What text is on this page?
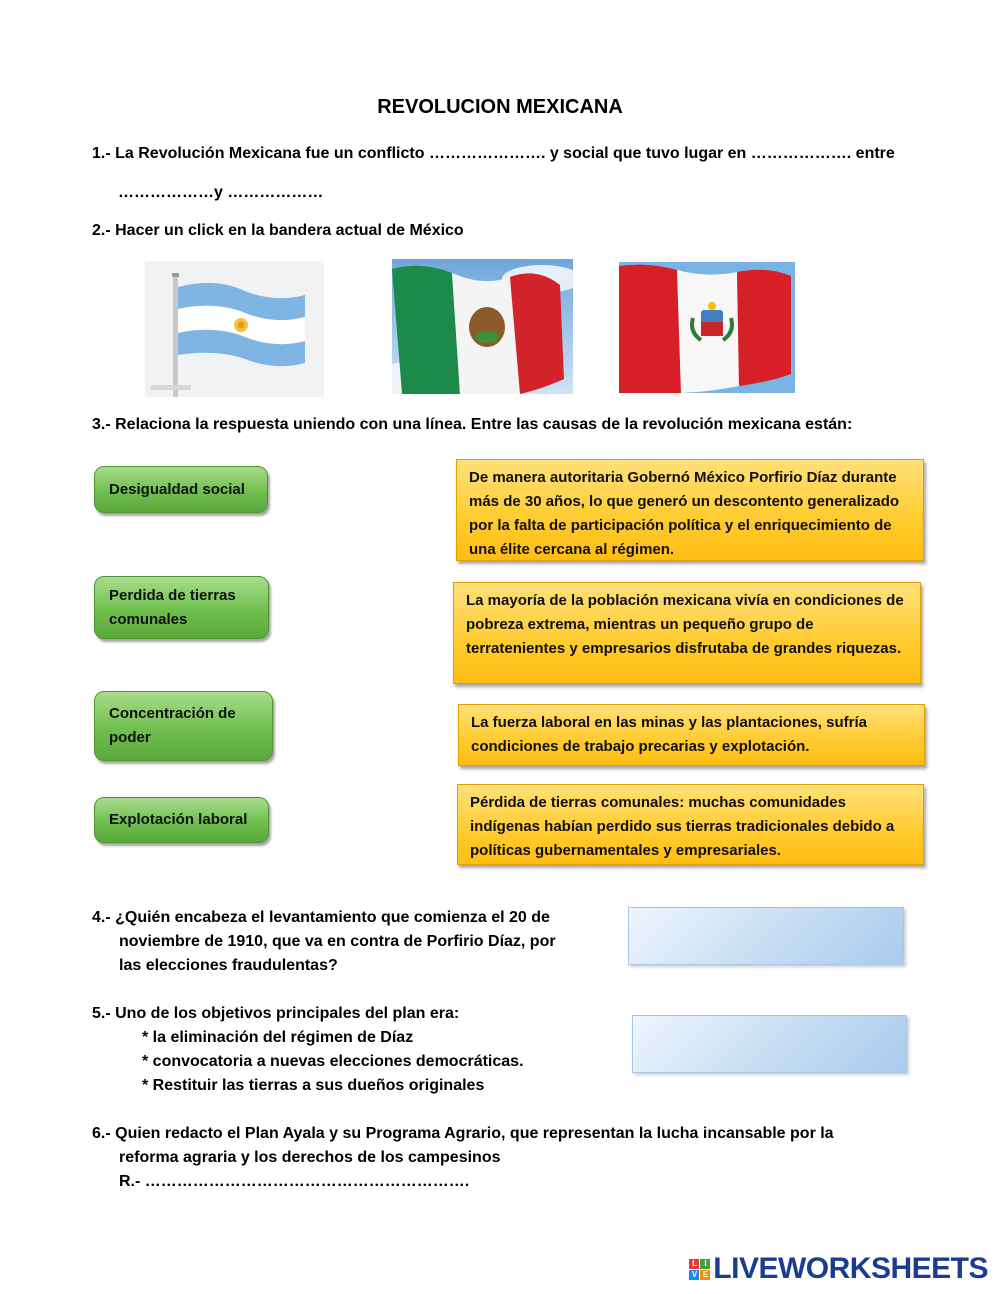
REVOLUCION MEXICANA
1.- La Revolución Mexicana fue un conflicto …………………. y social que tuvo lugar en ………………. entre
………………y ………………
2.- Hacer un click en la bandera actual de México
3.- Relaciona la respuesta uniendo con una línea. Entre las causas de la revolución mexicana están:
Desigualdad social
Perdida de tierras comunales
Concentración de poder
Explotación laboral
De manera autoritaria Gobernó México Porfirio Díaz durante más de 30 años, lo que generó un descontento generalizado por la falta de participación política y el enriquecimiento de una élite cercana al régimen.
La mayoría de la población mexicana vivía en condiciones de pobreza extrema, mientras un pequeño grupo de terratenientes y empresarios disfrutaba de grandes riquezas.
La fuerza laboral en las minas y las plantaciones, sufría condiciones de trabajo precarias y explotación.
Pérdida de tierras comunales: muchas comunidades indígenas habían perdido sus tierras tradicionales debido a políticas gubernamentales y empresariales.
4.- ¿Quién encabeza el levantamiento que comienza el 20 de
noviembre de 1910, que va en contra de Porfirio Díaz, por
las elecciones fraudulentas?
5.- Uno de los objetivos principales del plan era:
* la eliminación del régimen de Díaz
* convocatoria a nuevas elecciones democráticas.
* Restituir las tierras a sus dueños originales
6.- Quien redacto el Plan Ayala y su Programa Agrario, que representan la lucha incansable por la
reforma agraria y los derechos de los campesinos
R.- …………………………………………………….
L I
V E LIVEWORKSHEETS
